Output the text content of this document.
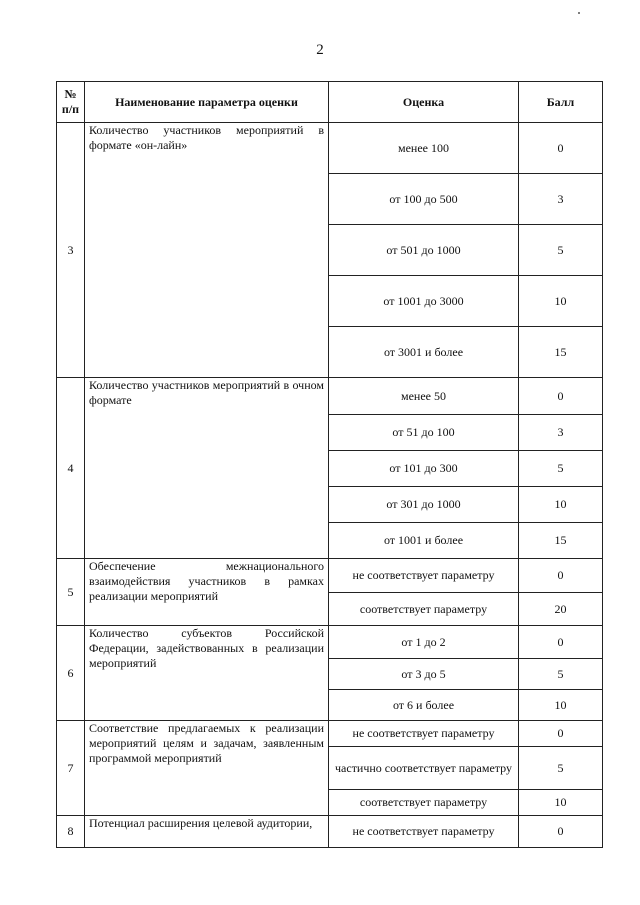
2
№ п/п	Наименование параметра оценки	Оценка	Балл
3	Количество участников мероприятий в формате «он-лайн»	менее 100	0
		от 100 до 500	3
		от 501 до 1000	5
		от 1001 до 3000	10
		от 3001 и более	15
4	Количество участников мероприятий в очном формате	менее 50	0
		от 51 до 100	3
		от 101 до 300	5
		от 301 до 1000	10
		от 1001 и более	15
5	Обеспечение межнационального взаимодействия участников в рамках реализации мероприятий	не соответствует параметру	0
		соответствует параметру	20
6	Количество субъектов Российской Федерации, задействованных в реализации мероприятий	от 1 до 2	0
		от 3 до 5	5
		от 6 и более	10
7	Соответствие предлагаемых к реализации мероприятий целям и задачам, заявленным программой мероприятий	не соответствует параметру	0
		частично соответствует параметру	5
		соответствует параметру	10
8	Потенциал расширения целевой аудитории,	не соответствует параметру	0
